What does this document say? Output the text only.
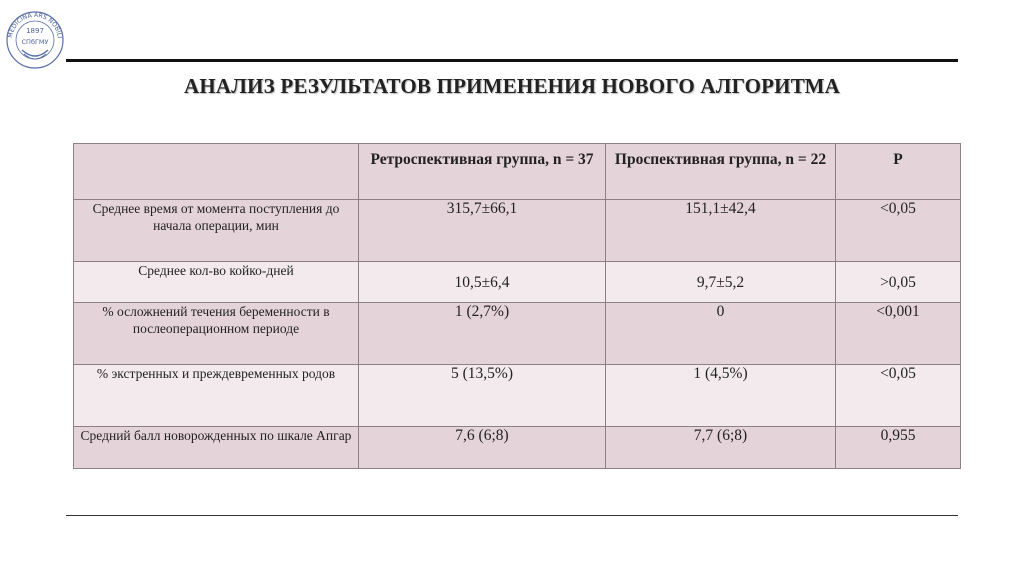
MEDICINA ARS NOBILI
1897
СПбГМУ
АНАЛИЗ РЕЗУЛЬТАТОВ ПРИМЕНЕНИЯ НОВОГО АЛГОРИТМА
	Ретроспективная группа, n = 37	Проспективная группа, n = 22	P
Среднее время от момента поступления до начала операции, мин	315,7±66,1	151,1±42,4	<0,05
Среднее кол-во койко-дней	10,5±6,4	9,7±5,2	>0,05
% осложнений течения беременности в послеоперационном периоде	1 (2,7%)	0	<0,001
% экстренных и преждевременных родов	5 (13,5%)	1 (4,5%)	<0,05
Средний балл новорожденных по шкале Апгар	7,6 (6;8)	7,7 (6;8)	0,955
